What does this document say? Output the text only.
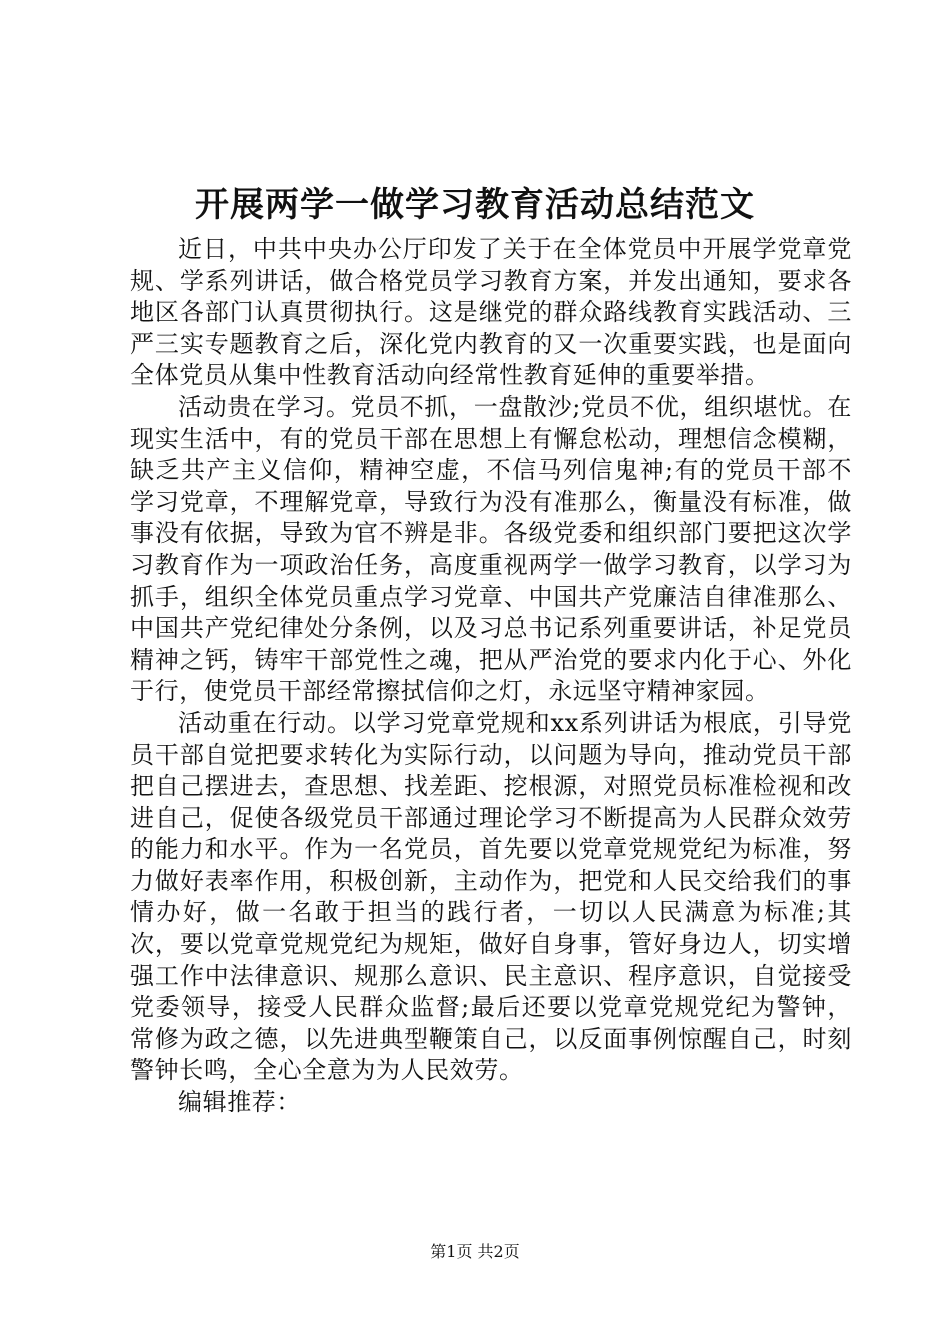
开展两学一做学习教育活动总结范文

近日，中共中央办公厅印发了关于在全体党员中开展学党章党规、学系列讲话，做合格党员学习教育方案，并发出通知，要求各地区各部门认真贯彻执行。这是继党的群众路线教育实践活动、三严三实专题教育之后，深化党内教育的又一次重要实践，也是面向全体党员从集中性教育活动向经常性教育延伸的重要举措。

活动贵在学习。党员不抓，一盘散沙;党员不优，组织堪忧。在现实生活中，有的党员干部在思想上有懈怠松动，理想信念模糊，缺乏共产主义信仰，精神空虚，不信马列信鬼神;有的党员干部不学习党章，不理解党章，导致行为没有准那么，衡量没有标准，做事没有依据，导致为官不辨是非。各级党委和组织部门要把这次学习教育作为一项政治任务，高度重视两学一做学习教育，以学习为抓手，组织全体党员重点学习党章、中国共产党廉洁自律准那么、中国共产党纪律处分条例，以及习总书记系列重要讲话，补足党员精神之钙，铸牢干部党性之魂，把从严治党的要求内化于心、外化于行，使党员干部经常擦拭信仰之灯，永远坚守精神家园。

活动重在行动。以学习党章党规和xx系列讲话为根底，引导党员干部自觉把要求转化为实际行动，以问题为导向，推动党员干部把自己摆进去，查思想、找差距、挖根源，对照党员标准检视和改进自己，促使各级党员干部通过理论学习不断提高为人民群众效劳的能力和水平。作为一名党员，首先要以党章党规党纪为标准，努力做好表率作用，积极创新，主动作为，把党和人民交给我们的事情办好，做一名敢于担当的践行者，一切以人民满意为标准;其次，要以党章党规党纪为规矩，做好自身事，管好身边人，切实增强工作中法律意识、规那么意识、民主意识、程序意识，自觉接受党委领导，接受人民群众监督;最后还要以党章党规党纪为警钟，常修为政之德，以先进典型鞭策自己，以反面事例惊醒自己，时刻警钟长鸣，全心全意为为人民效劳。

编辑推荐：

第1页 共2页
